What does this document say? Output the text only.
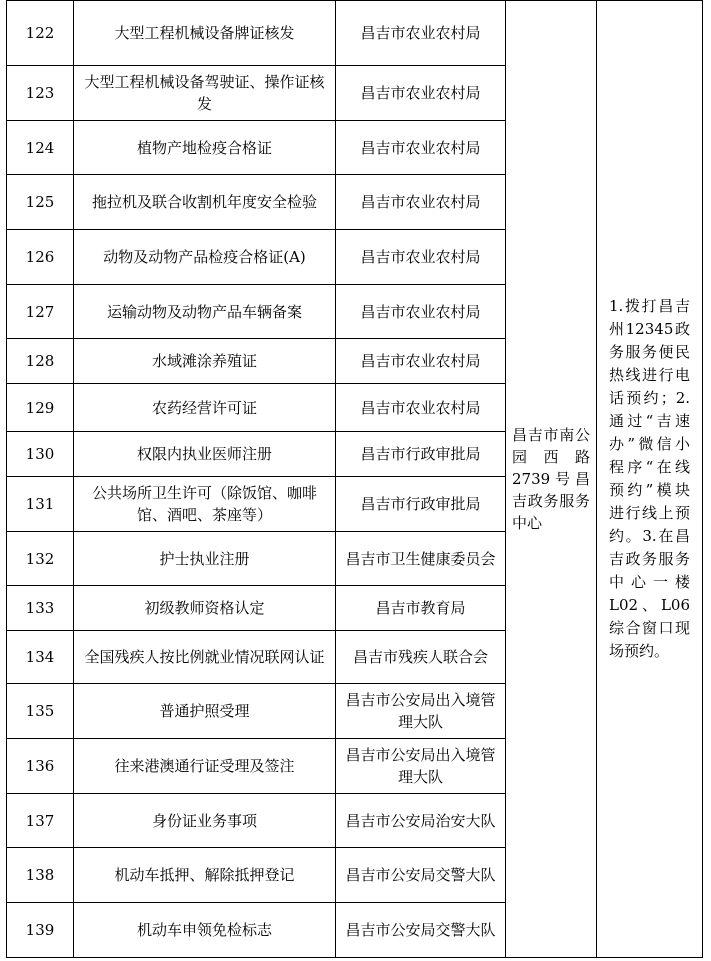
122	大型工程机械设备牌证核发	昌吉市农业农村局	昌吉市南公园西路2739号昌吉政务服务中心	1.拨打昌吉州12345政务服务便民热线进行电话预约；2.通过“吉速办”微信小程序“在线预约”模块进行线上预约。3.在昌吉政务服务中心一楼L02、L06综合窗口现场预约。
123	大型工程机械设备驾驶证、操作证核发	昌吉市农业农村局		
124	植物产地检疫合格证	昌吉市农业农村局		
125	拖拉机及联合收割机年度安全检验	昌吉市农业农村局		
126	动物及动物产品检疫合格证(A)	昌吉市农业农村局		
127	运输动物及动物产品车辆备案	昌吉市农业农村局		
128	水域滩涂养殖证	昌吉市农业农村局		
129	农药经营许可证	昌吉市农业农村局		
130	权限内执业医师注册	昌吉市行政审批局		
131	公共场所卫生许可（除饭馆、咖啡馆、酒吧、茶座等）	昌吉市行政审批局		
132	护士执业注册	昌吉市卫生健康委员会		
133	初级教师资格认定	昌吉市教育局		
134	全国残疾人按比例就业情况联网认证	昌吉市残疾人联合会		
135	普通护照受理	昌吉市公安局出入境管理大队		
136	往来港澳通行证受理及签注	昌吉市公安局出入境管理大队		
137	身份证业务事项	昌吉市公安局治安大队		
138	机动车抵押、解除抵押登记	昌吉市公安局交警大队		
139	机动车申领免检标志	昌吉市公安局交警大队		
